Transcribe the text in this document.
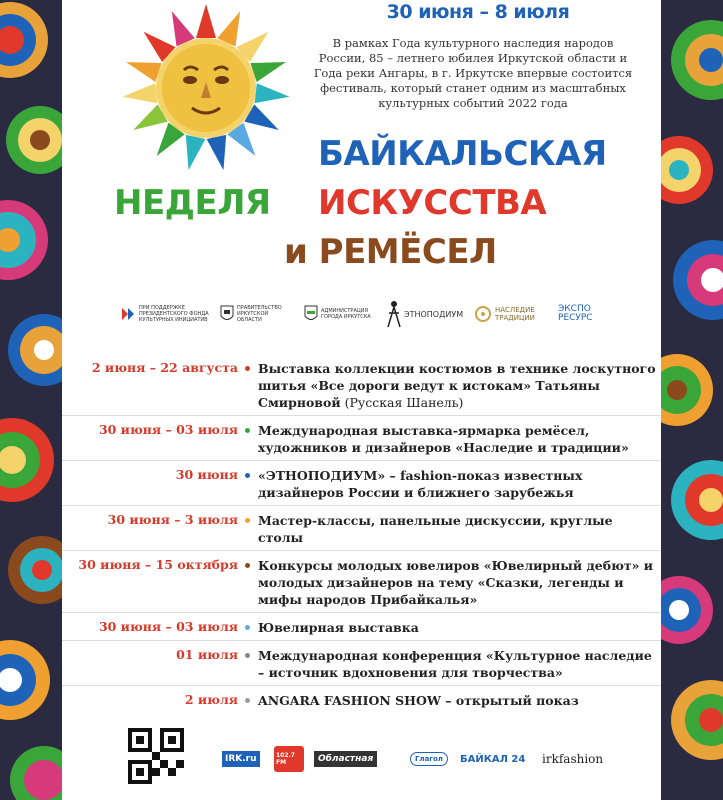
30 июня – 8 июля
В рамках Года культурного наследия народов России, 85 – летнего юбилея Иркутской области и Года реки Ангары, в г. Иркутске впервые состоится фестиваль, который станет одним из масштабных культурных событий 2022 года
БАЙКАЛЬСКАЯ
НЕДЕЛЯ ИСКУССТВА
и РЕМЁСЕЛ
ПРИ ПОДДЕРЖКЕ ПРЕЗИДЕНТСКОГО ФОНДА КУЛЬТУРНЫХ ИНИЦИАТИВ
ПРАВИТЕЛЬСТВО ИРКУТСКОЙ ОБЛАСТИ
АДМИНИСТРАЦИЯ ГОРОДА ИРКУТСКА	ЭТНОПОДИУМ	НАСЛЕДИЕ ТРАДИЦИИ
ЭКСПО РЕСУРС
2 июня – 22 августа Выставка коллекции костюмов в технике лоскутного шитья «Все дороги ведут к истокам» Татьяны Смирновой (Русская Шанель)
30 июня – 03 июля Международная выставка-ярмарка ремёсел, художников и дизайнеров «Наследие и традиции»
30 июня «ЭТНОПОДИУМ» – fashion-показ известных дизайнеров России и ближнего зарубежья
30 июня – 3 июля Мастер-классы, панельные дискуссии, круглые столы
30 июня – 15 октября Конкурсы молодых ювелиров «Ювелирный дебют» и молодых дизайнеров на тему «Сказки, легенды и мифы народов Прибайкалья»
30 июня – 03 июля Ювелирная выставка
01 июля Международная конференция «Культурное наследие – источник вдохновения для творчества»
2 июля ANGARA FASHION SHOW – открытый показ
IRK.ru	102.7 FM	Областная	Глагол	БАЙКАЛ 24 irkfashion
